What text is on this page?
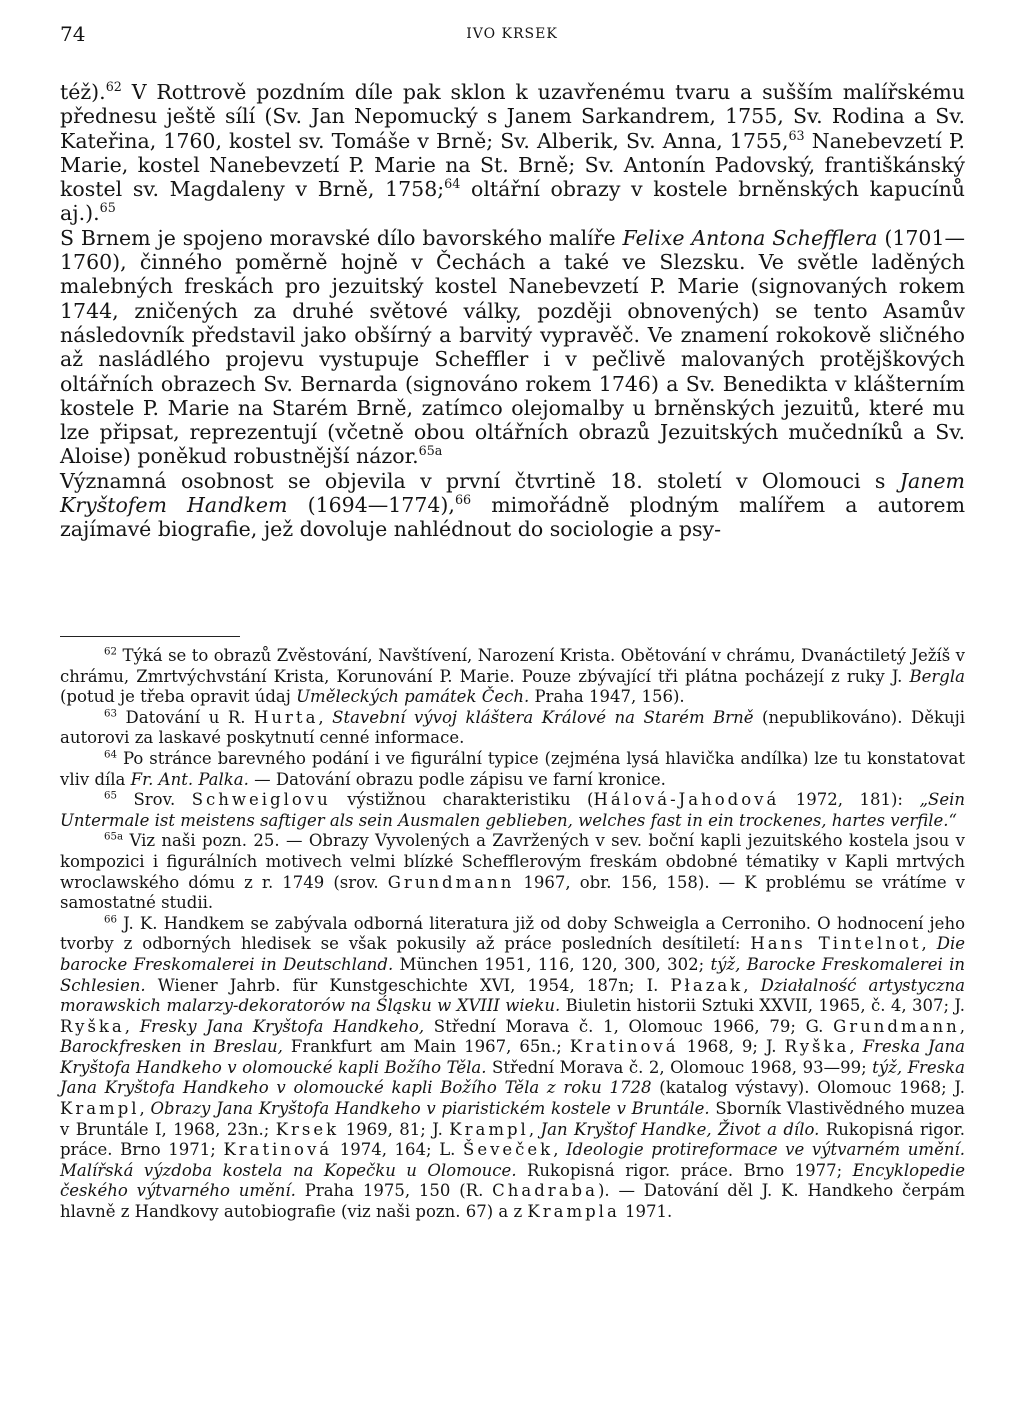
74	IVO KRSEK

též).$^{62}$ V Rottrově pozdním díle pak sklon k uzavřenému tvaru a sušším malířskému přednesu ještě sílí (Sv. Jan Nepomucký s Janem Sarkandrem, 1755, Sv. Rodina a Sv. Kateřina, 1760, kostel sv. Tomáše v Brně; Sv. Alberik, Sv. Anna, 1755,63 Nanebevzetí P. Marie, kostel Nanebevzetí P. Marie na St. Brně; Sv. Antonín Padovský, františkánský kostel sv. Magdaleny v Brně, 1758;$^{64}$ oltářní obrazy v kostele brněnských kapucínů aj.).$^{65}$

S Brnem je spojeno moravské dílo bavorského malíře Felixe Antona Schefflera (1701—1760), činného poměrně hojně v Čechách a také ve Slezsku. Ve světle laděných malebných freskách pro jezuitský kostel Nanebevzetí P. Marie (signovaných rokem 1744, zničených za druhé světové války, později obnovených) se tento Asamův následovník představil jako obšírný a barvitý vypravěč. Ve znamení rokokově sličného až nasládlého projevu vystupuje Scheffler i v pečlivě malovaných protějškových oltářních obrazech Sv. Bernarda (signováno rokem 1746) a Sv. Benedikta v klášterním kostele P. Marie na Starém Brně, zatímco olejomalby u brněnských jezuitů, které mu lze připsat, reprezentují (včetně obou oltářních obrazů Jezuitských mučedníků a Sv. Aloise) poněkud robustnější názor.$^{65a}$

Významná osobnost se objevila v první čtvrtině 18. století v Olomouci s Janem Kryštofem Handkem (1694—1774),$^{66}$ mimořádně plodným malířem a autorem zajímavé biografie, jež dovoluje nahlédnout do sociologie a psy-

$^{62}$ Týká se to obrazů Zvěstování, Navštívení, Narození Krista. Obětování v chrámu, Dvanáctiletý Ježíš v chrámu, Zmrtvýchvstání Krista, Korunování P. Marie. Pouze zbývající tři plátna pocházejí z ruky J. Bergla (potud je třeba opravit údaj Uměleckých památek Čech. Praha 1947, 156).

$^{63}$ Datování u R. Hurta, Stavební vývoj kláštera Králové na Starém Brně (nepublikováno). Děkuji autorovi za laskavé poskytnutí cenné informace.

$^{64}$ Po stránce barevného podání i ve figurální typice (zejména lysá hlavička andílka) lze tu konstatovat vliv díla Fr. Ant. Palka. — Datování obrazu podle zápisu ve farní kronice.

$^{65}$ Srov. Schweiglovu výstižnou charakteristiku (Hálová-Jahodová 1972, 181): „Sein Untermale ist meistens saftiger als sein Ausmalen geblieben, welches fast in ein trockenes, hartes verfile.“

$^{65a}$ Viz naši pozn. 25. — Obrazy Vyvolených a Zavržených v sev. boční kapli jezuitského kostela jsou v kompozici i figurálních motivech velmi blízké Schefflerovým freskám obdobné tématiky v Kapli mrtvých wroclawského dómu z r. 1749 (srov. Grundmann 1967, obr. 156, 158). — K problému se vrátíme v samostatné studii.

$^{66}$ J. K. Handkem se zabývala odborná literatura již od doby Schweigla a Cerroniho. O hodnocení jeho tvorby z odborných hledisek se však pokusily až práce posledních desítiletí: Hans Tintelnot, Die barocke Freskomalerei in Deutschland. München 1951, 116, 120, 300, 302; týž, Barocke Freskomalerei in Schlesien. Wiener Jahrb. für Kunstgeschichte XVI, 1954, 187n; I. Płazak, Działalność artystyczna morawskich malarzy-dekoratorów na Śląsku w XVIII wieku. Biuletin historii Sztuki XXVII, 1965, č. 4, 307; J. Ryška, Fresky Jana Kryštofa Handkeho, Střední Morava č. 1, Olomouc 1966, 79; G. Grundmann, Barockfresken in Breslau, Frankfurt am Main 1967, 65n.; Kratinová 1968, 9; J. Ryška, Freska Jana Kryštofa Handkeho v olomoucké kapli Božího Těla. Střední Morava č. 2, Olomouc 1968, 93—99; týž, Freska Jana Kryštofa Handkeho v olomoucké kapli Božího Těla z roku 1728 (katalog výstavy). Olomouc 1968; J. Krampl, Obrazy Jana Kryštofa Handkeho v piaristickém kostele v Bruntále. Sborník Vlastivědného muzea v Bruntále I, 1968, 23n.; Krsek 1969, 81; J. Krampl, Jan Kryštof Handke, Život a dílo. Rukopisná rigor. práce. Brno 1971; Kratinová 1974, 164; L. Ševeček, Ideologie protireformace ve výtvarném umění. Malířská výzdoba kostela na Kopečku u Olomouce. Rukopisná rigor. práce. Brno 1977; Encyklopedie českého výtvarného umění. Praha 1975, 150 (R. Chadraba). — Datování děl J. K. Handkeho čerpám hlavně z Handkovy autobiografie (viz naši pozn. 67) a z Krampla 1971.
